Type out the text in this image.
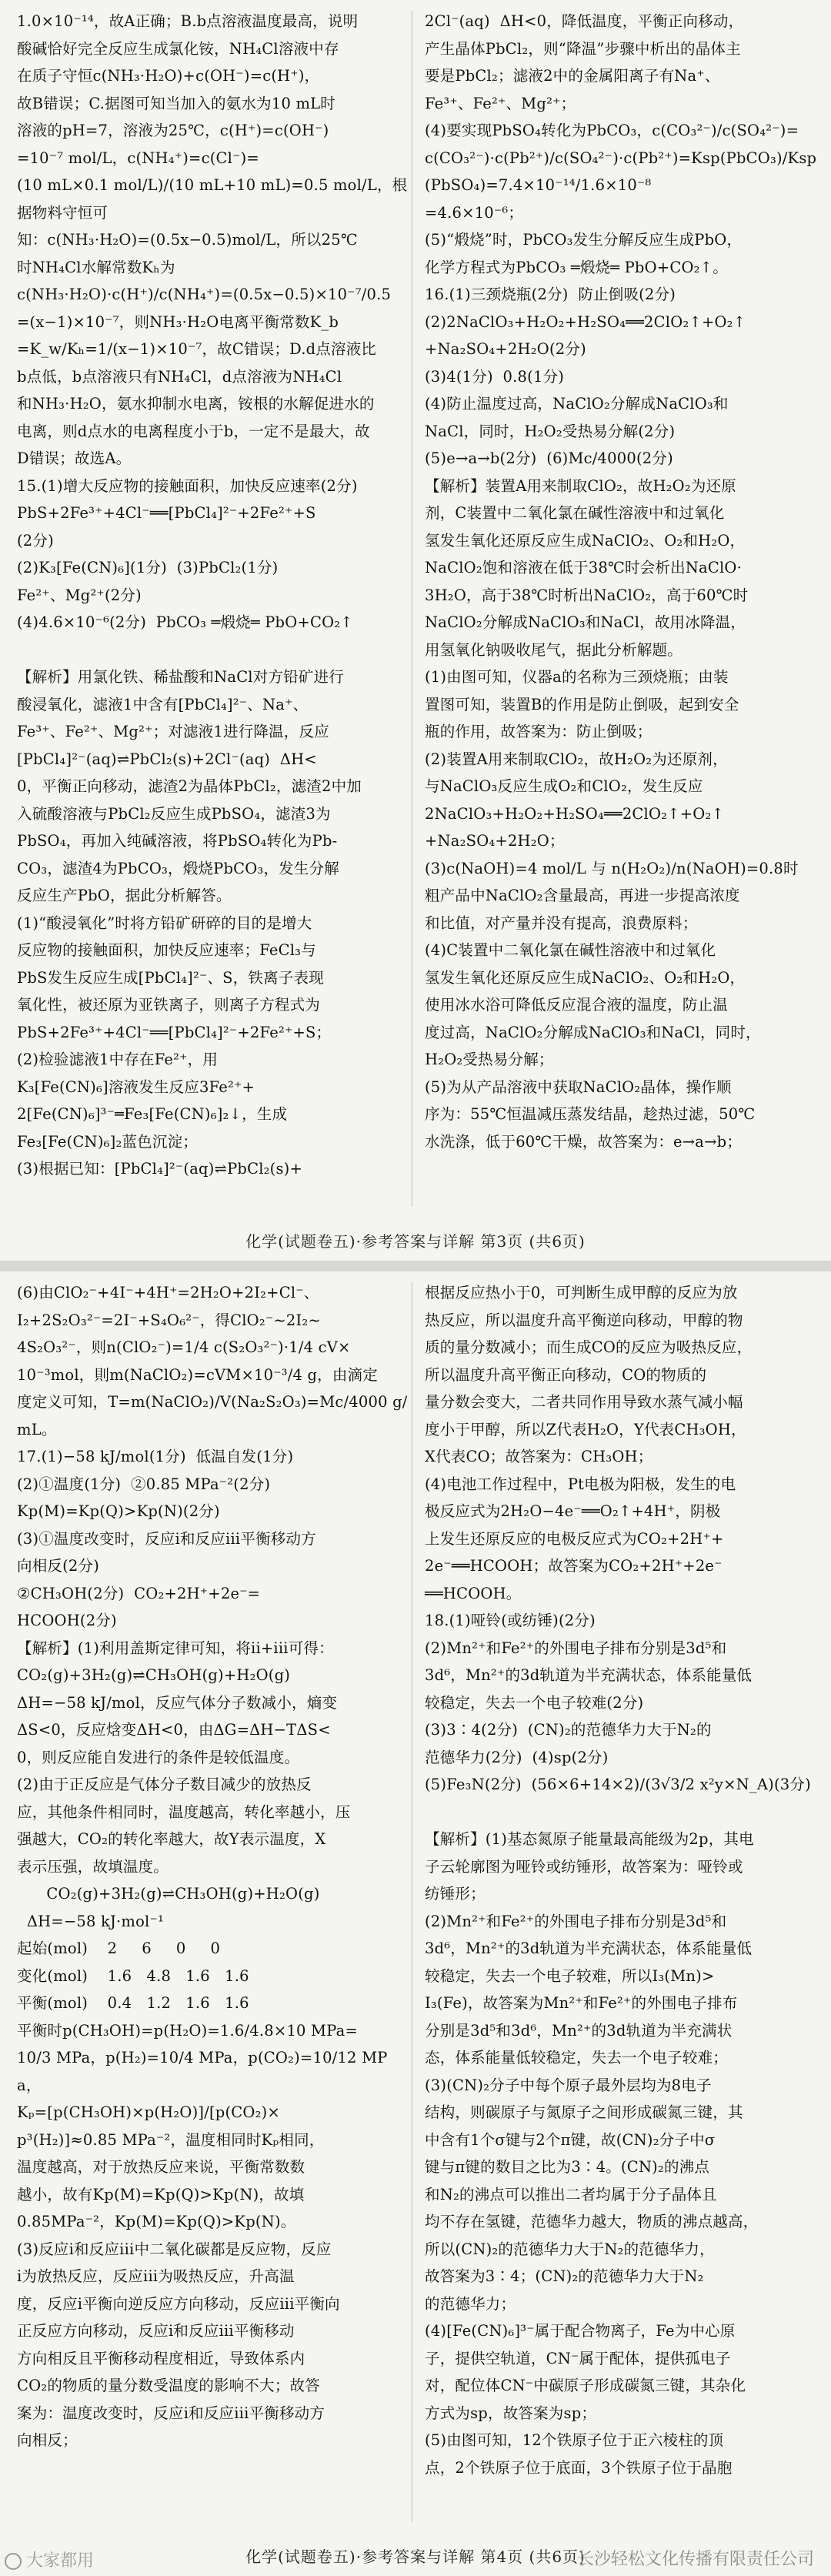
1.0×10⁻¹⁴，故A正确；B.b点溶液温度最高，说明

酸碱恰好完全反应生成氯化铵，NH₄Cl溶液中存

在质子守恒c(NH₃·H₂O)+c(OH⁻)=c(H⁺)，

故B错误；C.据图可知当加入的氨水为10 mL时

溶液的pH=7，溶液为25℃，c(H⁺)=c(OH⁻)

=10⁻⁷ mol/L，c(NH₄⁺)=c(Cl⁻)=

(10 mL×0.1 mol/L)/(10 mL+10 mL)=0.5 mol/L，根据物料守恒可

知：c(NH₃·H₂O)=(0.5x−0.5)mol/L，所以25℃

时NH₄Cl水解常数Kₕ为

c(NH₃·H₂O)·c(H⁺)/c(NH₄⁺)=(0.5x−0.5)×10⁻⁷/0.5

=(x−1)×10⁻⁷，则NH₃·H₂O电离平衡常数K_b

=K_w/Kₕ=1/(x−1)×10⁻⁷，故C错误；D.d点溶液比

b点低，b点溶液只有NH₄Cl，d点溶液为NH₄Cl

和NH₃·H₂O，氨水抑制水电离，铵根的水解促进水的

电离，则d点水的电离程度小于b，一定不是最大，故

D错误；故选A。

15.(1)增大反应物的接触面积，加快反应速率(2分)

PbS+2Fe³⁺+4Cl⁻══[PbCl₄]²⁻+2Fe²⁺+S

(2分)

(2)K₃[Fe(CN)₆](1分)  (3)PbCl₂(1分)

Fe²⁺、Mg²⁺(2分)

(4)4.6×10⁻⁶(2分)  PbCO₃ ═煅烧═ PbO+CO₂↑

【解析】用氯化铁、稀盐酸和NaCl对方铅矿进行

酸浸氧化，滤液1中含有[PbCl₄]²⁻、Na⁺、

Fe³⁺、Fe²⁺、Mg²⁺；对滤液1进行降温，反应

[PbCl₄]²⁻(aq)⇌PbCl₂(s)+2Cl⁻(aq)  ΔH<

0，平衡正向移动，滤渣2为晶体PbCl₂，滤渣2中加

入硫酸溶液与PbCl₂反应生成PbSO₄，滤渣3为

PbSO₄，再加入纯碱溶液，将PbSO₄转化为Pb-

CO₃，滤渣4为PbCO₃，煅烧PbCO₃，发生分解

反应生产PbO，据此分析解答。

(1)“酸浸氧化”时将方铅矿研碎的目的是增大

反应物的接触面积，加快反应速率；FeCl₃与

PbS发生反应生成[PbCl₄]²⁻、S，铁离子表现

氧化性，被还原为亚铁离子，则离子方程式为

PbS+2Fe³⁺+4Cl⁻══[PbCl₄]²⁻+2Fe²⁺+S；

(2)检验滤液1中存在Fe²⁺，用

K₃[Fe(CN)₆]溶液发生反应3Fe²⁺+

2[Fe(CN)₆]³⁻═Fe₃[Fe(CN)₆]₂↓，生成

Fe₃[Fe(CN)₆]₂蓝色沉淀；

(3)根据已知：[PbCl₄]²⁻(aq)⇌PbCl₂(s)+

2Cl⁻(aq)  ΔH<0，降低温度，平衡正向移动，

产生晶体PbCl₂，则“降温”步骤中析出的晶体主

要是PbCl₂；滤液2中的金属阳离子有Na⁺、

Fe³⁺、Fe²⁺、Mg²⁺；

(4)要实现PbSO₄转化为PbCO₃，c(CO₃²⁻)/c(SO₄²⁻)=

c(CO₃²⁻)·c(Pb²⁺)/c(SO₄²⁻)·c(Pb²⁺)=Ksp(PbCO₃)/Ksp(PbSO₄)=7.4×10⁻¹⁴/1.6×10⁻⁸

=4.6×10⁻⁶；

(5)“煅烧”时，PbCO₃发生分解反应生成PbO，

化学方程式为PbCO₃ ═煅烧═ PbO+CO₂↑。

16.(1)三颈烧瓶(2分)  防止倒吸(2分)

(2)2NaClO₃+H₂O₂+H₂SO₄══2ClO₂↑+O₂↑

+Na₂SO₄+2H₂O(2分)

(3)4(1分)  0.8(1分)

(4)防止温度过高，NaClO₂分解成NaClO₃和

NaCl，同时，H₂O₂受热易分解(2分)

(5)e→a→b(2分)  (6)Mc/4000(2分)

【解析】装置A用来制取ClO₂，故H₂O₂为还原

剂，C装置中二氧化氯在碱性溶液中和过氧化

氢发生氧化还原反应生成NaClO₂、O₂和H₂O，

NaClO₂饱和溶液在低于38℃时会析出NaClO·

3H₂O，高于38℃时析出NaClO₂，高于60℃时

NaClO₂分解成NaClO₃和NaCl，故用冰降温，

用氢氧化钠吸收尾气，据此分析解题。

(1)由图可知，仪器a的名称为三颈烧瓶；由装

置图可知，装置B的作用是防止倒吸，起到安全

瓶的作用，故答案为：防止倒吸；

(2)装置A用来制取ClO₂，故H₂O₂为还原剂，

与NaClO₃反应生成O₂和ClO₂，发生反应

2NaClO₃+H₂O₂+H₂SO₄══2ClO₂↑+O₂↑

+Na₂SO₄+2H₂O；

(3)c(NaOH)=4 mol/L 与 n(H₂O₂)/n(NaOH)=0.8时

粗产品中NaClO₂含量最高，再进一步提高浓度

和比值，对产量并没有提高，浪费原料；

(4)C装置中二氧化氯在碱性溶液中和过氧化

氢发生氧化还原反应生成NaClO₂、O₂和H₂O，

使用冰水浴可降低反应混合液的温度，防止温

度过高，NaClO₂分解成NaClO₃和NaCl，同时，

H₂O₂受热易分解；

(5)为从产品溶液中获取NaClO₂晶体，操作顺

序为：55℃恒温减压蒸发结晶，趁热过滤，50℃

水洗涤，低于60℃干燥，故答案为：e→a→b；

化学(试题卷五)·参考答案与详解 第3页 (共6页)

(6)由ClO₂⁻+4I⁻+4H⁺=2H₂O+2I₂+Cl⁻、

I₂+2S₂O₃²⁻=2I⁻+S₄O₆²⁻，得ClO₂⁻~2I₂~

4S₂O₃²⁻，则n(ClO₂⁻)=1/4 c(S₂O₃²⁻)·1/4 cV×

10⁻³mol，則m(NaClO₂)=cVM×10⁻³/4 g，由滴定

度定义可知，T=m(NaClO₂)/V(Na₂S₂O₃)=Mc/4000 g/mL。

17.(1)−58 kJ/mol(1分)  低温自发(1分)

(2)①温度(1分)  ②0.85 MPa⁻²(2分)

Kp(M)=Kp(Q)>Kp(N)(2分)

(3)①温度改变时，反应i和反应iii平衡移动方

向相反(2分)

②CH₃OH(2分)  CO₂+2H⁺+2e⁻=

HCOOH(2分)

【解析】(1)利用盖斯定律可知，将ii+iii可得：

CO₂(g)+3H₂(g)⇌CH₃OH(g)+H₂O(g)

ΔH=−58 kJ/mol，反应气体分子数减小，熵变

ΔS<0，反应焓变ΔH<0，由ΔG=ΔH−TΔS<

0，则反应能自发进行的条件是较低温度。

(2)由于正反应是气体分子数目减少的放热反

应，其他条件相同时，温度越高，转化率越小，压

强越大，CO₂的转化率越大，故Y表示温度，X

表示压强，故填温度。

CO₂(g)+3H₂(g)⇌CH₃OH(g)+H₂O(g)

ΔH=−58 kJ·mol⁻¹

起始(mol)    2     6     0     0

变化(mol)    1.6   4.8   1.6   1.6

平衡(mol)    0.4   1.2   1.6   1.6

平衡时p(CH₃OH)=p(H₂O)=1.6/4.8×10 MPa=

10/3 MPa，p(H₂)=10/4 MPa，p(CO₂)=10/12 MPa，

Kₚ=[p(CH₃OH)×p(H₂O)]/[p(CO₂)×

p³(H₂)]≈0.85 MPa⁻²，温度相同时Kₚ相同，

温度越高，对于放热反应来说，平衡常数数

越小，故有Kp(M)=Kp(Q)>Kp(N)，故填

0.85MPa⁻²，Kp(M)=Kp(Q)>Kp(N)。

(3)反应i和反应iii中二氧化碳都是反应物，反应

i为放热反应，反应iii为吸热反应，升高温

度，反应i平衡向逆反应方向移动，反应iii平衡向

正反应方向移动，反应i和反应iii平衡移动

方向相反且平衡移动程度相近，导致体系内

CO₂的物质的量分数受温度的影响不大；故答

案为：温度改变时，反应i和反应iii平衡移动方

向相反；

根据反应热小于0，可判断生成甲醇的反应为放

热反应，所以温度升高平衡逆向移动，甲醇的物

质的量分数减小；而生成CO的反应为吸热反应，

所以温度升高平衡正向移动，CO的物质的

量分数会变大，二者共同作用导致水蒸气减小幅

度小于甲醇，所以Z代表H₂O，Y代表CH₃OH，

X代表CO；故答案为：CH₃OH；

(4)电池工作过程中，Pt电极为阳极，发生的电

极反应式为2H₂O−4e⁻══O₂↑+4H⁺，阴极

上发生还原反应的电极反应式为CO₂+2H⁺+

2e⁻══HCOOH；故答案为CO₂+2H⁺+2e⁻

══HCOOH。

18.(1)哑铃(或纺锤)(2分)

(2)Mn²⁺和Fe²⁺的外围电子排布分别是3d⁵和

3d⁶，Mn²⁺的3d轨道为半充满状态，体系能量低

较稳定，失去一个电子较难(2分)

(3)3∶4(2分)  (CN)₂的范德华力大于N₂的

范德华力(2分)  (4)sp(2分)

(5)Fe₃N(2分)  (56×6+14×2)/(3√3/2 x²y×N_A)(3分)

【解析】(1)基态氮原子能量最高能级为2p，其电

子云轮廓图为哑铃或纺锤形，故答案为：哑铃或

纺锤形；

(2)Mn²⁺和Fe²⁺的外围电子排布分别是3d⁵和

3d⁶，Mn²⁺的3d轨道为半充满状态，体系能量低

较稳定，失去一个电子较难，所以I₃(Mn)>

I₃(Fe)，故答案为Mn²⁺和Fe²⁺的外围电子排布

分别是3d⁵和3d⁶，Mn²⁺的3d轨道为半充满状

态，体系能量低较稳定，失去一个电子较难；

(3)(CN)₂分子中每个原子最外层均为8电子

结构，则碳原子与氮原子之间形成碳氮三键，其

中含有1个σ键与2个π键，故(CN)₂分子中σ

键与π键的数目之比为3∶4。(CN)₂的沸点

和N₂的沸点可以推出二者均属于分子晶体且

均不存在氢键，范德华力越大，物质的沸点越高，

所以(CN)₂的范德华力大于N₂的范德华力，

故答案为3∶4；(CN)₂的范德华力大于N₂

的范德华力；

(4)[Fe(CN)₆]³⁻属于配合物离子，Fe为中心原

子，提供空轨道，CN⁻属于配体，提供孤电子

对，配位体CN⁻中碳原子形成碳氮三键，其杂化

方式为sp，故答案为sp；

(5)由图可知，12个铁原子位于正六棱柱的顶

点，2个铁原子位于底面，3个铁原子位于晶胞

化学(试题卷五)·参考答案与详解 第4页 (共6页)
大家都用	长沙轻松文化传播有限责任公司
